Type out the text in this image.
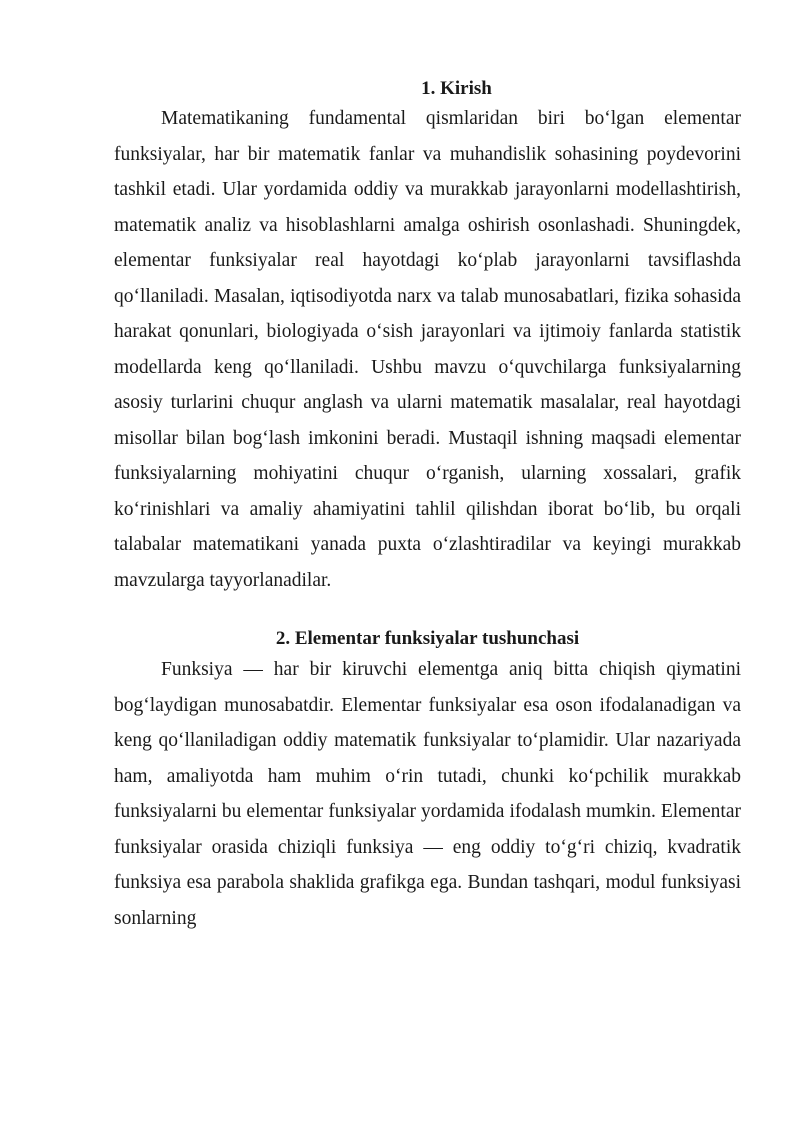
1. Kirish

Matematikaning fundamental qismlaridan biri bo‘lgan elementar funksiyalar, har bir matematik fanlar va muhandislik sohasining poydevorini tashkil etadi. Ular yordamida oddiy va murakkab jarayonlarni modellashtirish, matematik analiz va hisoblashlarni amalga oshirish osonlashadi. Shuningdek, elementar funksiyalar real hayotdagi ko‘plab jarayonlarni tavsiflashda qo‘llaniladi. Masalan, iqtisodiyotda narx va talab munosabatlari, fizika sohasida harakat qonunlari, biologiyada o‘sish jarayonlari va ijtimoiy fanlarda statistik modellarda keng qo‘llaniladi. Ushbu mavzu o‘quvchilarga funksiyalarning asosiy turlarini chuqur anglash va ularni matematik masalalar, real hayotdagi misollar bilan bog‘lash imkonini beradi. Mustaqil ishning maqsadi elementar funksiyalarning mohiyatini chuqur o‘rganish, ularning xossalari, grafik ko‘rinishlari va amaliy ahamiyatini tahlil qilishdan iborat bo‘lib, bu orqali talabalar matematikani yanada puxta o‘zlashtiradilar va keyingi murakkab mavzularga tayyorlanadilar.

2. Elementar funksiyalar tushunchasi

Funksiya — har bir kiruvchi elementga aniq bitta chiqish qiymatini bog‘laydigan munosabatdir. Elementar funksiyalar esa oson ifodalanadigan va keng qo‘llaniladigan oddiy matematik funksiyalar to‘plamidir. Ular nazariyada ham, amaliyotda ham muhim o‘rin tutadi, chunki ko‘pchilik murakkab funksiyalarni bu elementar funksiyalar yordamida ifodalash mumkin. Elementar funksiyalar orasida chiziqli funksiya — eng oddiy to‘g‘ri chiziq, kvadratik funksiya esa parabola shaklida grafikga ega. Bundan tashqari, modul funksiyasi sonlarning
